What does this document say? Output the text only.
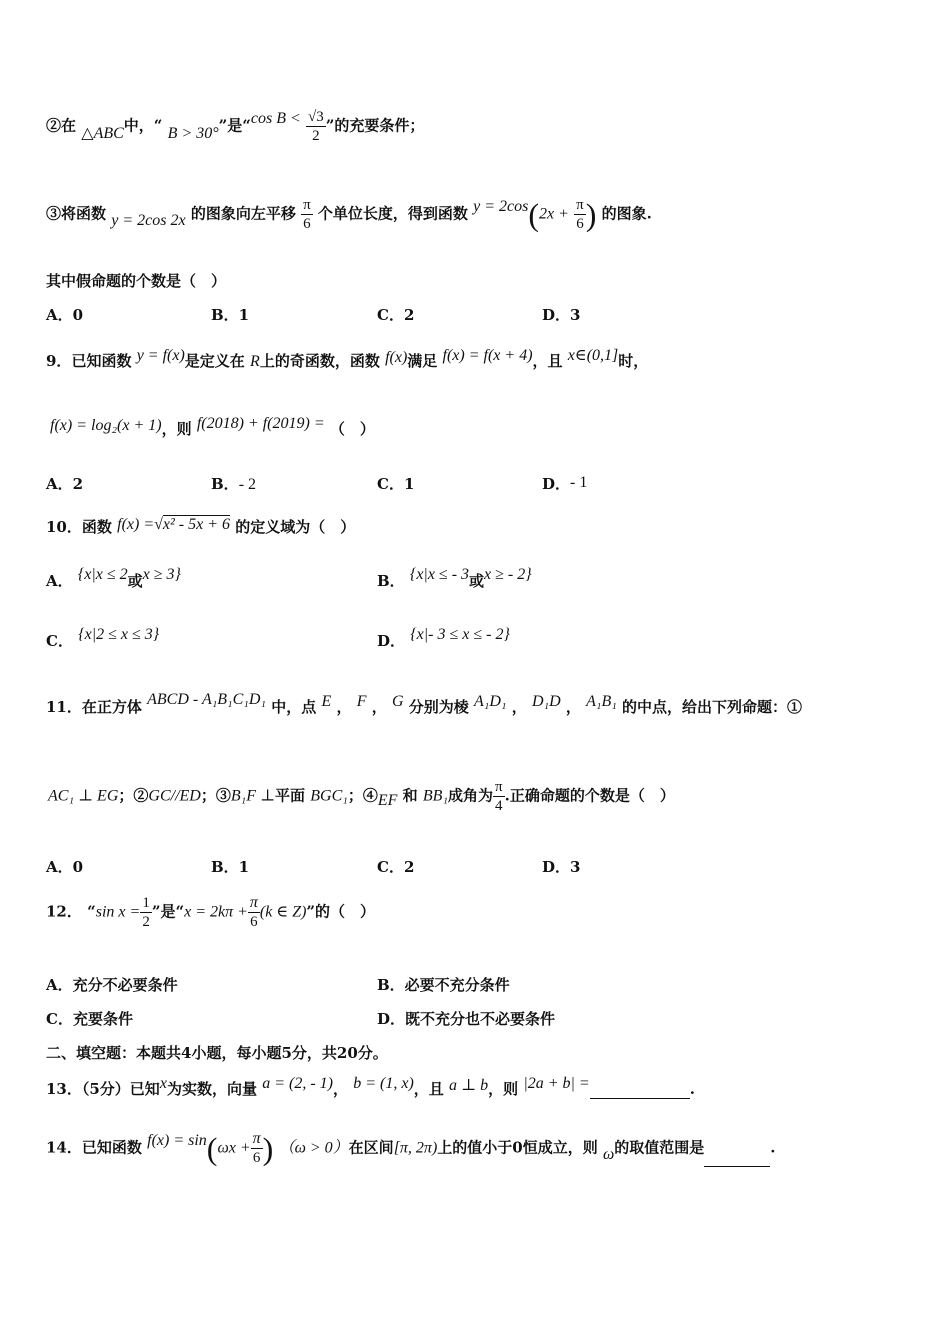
②在 △ABC中，“ B > 30°”是“cos $B < \frac{√3}{2}$ ”的充要条件；
③将函数 y = 2cos 2x 的图象向左平移 $\frac{\pi}{6}$ 个单位长度，得到函数 $y = 2\cos(2x + \frac{\pi}{6}$ ) 的图象.
其中假命题的个数是（　）
A．0	B．1	C．2	D．3
9．已知函数 y = f(x)是定义在 R上的奇函数，函数 f(x)满足 f(x) = f(x + 4)，且 x∈(0,1]时，
f(x) = log₂(x + 1)，则 f(2018) + f(2019) = （　）
A．2	B．- 2	C．1	D．- 1
10．函数 f(x) =√x² - 5x + 6 的定义域为（　）
A． {x|x ≤ 2或x ≥ 3}	B． {x|x ≤ - 3或x ≥ - 2}
C． {x|2 ≤ x ≤ 3}	D． {x|- 3 ≤ x ≤ - 2}
11．在正方体 ABCD - A₁B₁C₁D₁ 中，点 E ， F ， G 分别为棱 A₁D₁ ， D₁D ， A₁B₁ 的中点，给出下列命题：①
AC₁ ⊥ EG；②GC//ED；③B₁F ⊥平面 BGC₁；④EF 和 BB₁成角为 $\frac{\pi}{4}$ .正确命题的个数是（　）
A．0	B．1	C．2	D．3
12． “sin $x = \frac{1}{2}$ ”是“$x = 2k\pi + \frac{\pi}{6} (k$ ∈ Z)”的（　）
A．充分不必要条件	B．必要不充分条件
C．充要条件	D．既不充分也不必要条件
二、填空题：本题共4小题，每小题5分，共20分。
13．（5分）已知x为实数，向量 a = (2, - 1)， b = (1, x)，且 a ⊥ b，则 |2a + b| =	.
14．已知函数 $f(x) = \sin(\omega x + \frac{\pi}{6}$ ) （ω > 0）在区间[π, 2π)上的值小于0恒成立，则 ω的取值范围是	.
